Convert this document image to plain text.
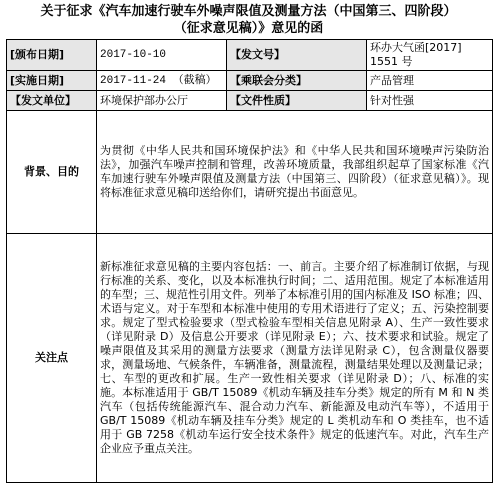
关于征求《汽车加速行驶车外噪声限值及测量方法（中国第三、四阶段）
（征求意见稿）》意见的函
[颁布日期]	2017-10-10	【发文号】	环办大气函[2017] 1551 号
[实施日期]	2017-11-24 （截稿）	【乘联会分类】	产品管理
【发文单位】	环境保护部办公厅	【文件性质】	针对性强
背景、目的	为贯彻《中华人民共和国环境保护法》和《中华人民共和国环境噪声污染防治法》，加强汽车噪声控制和管理，改善环境质量，我部组织起草了国家标准《汽车加速行驶车外噪声限值及测量方法（中国第三、四阶段）（征求意见稿）》。现将标准征求意见稿印送给你们，请研究提出书面意见。		
关注点	新标准征求意见稿的主要内容包括：一、前言。主要介绍了标准制订依据，与现行标准的关系、变化，以及本标准执行时间；二、适用范围。规定了本标准适用的车型；三、规范性引用文件。列举了本标准引用的国内标准及 ISO 标准；四、术语与定义。对于车型和本标准中使用的专用术语进行了定义；五、污染控制要求。规定了型式检验要求（型式检验车型相关信息见附录 A）、生产一致性要求（详见附录 D）及信息公开要求（详见附录 E）；六、技术要求和试验。规定了噪声限值及其采用的测量方法要求（测量方法详见附录 C），包含测量仪器要求，测量场地、气候条件，车辆准备，测量流程，测量结果处理以及测量记录；七、车型的更改和扩展。生产一致性相关要求（详见附录 D）；八、标准的实施。本标准适用于 GB/T 15089《机动车辆及挂车分类》规定的所有 M 和 N 类汽车（包括传统能源汽车、混合动力汽车、新能源及电动汽车等），不适用于 GB/T 15089《机动车辆及挂车分类》规定的 L 类机动车和 O 类挂车，也不适用于 GB 7258《机动车运行安全技术条件》规定的低速汽车。对此，汽车生产企业应予重点关注。		
